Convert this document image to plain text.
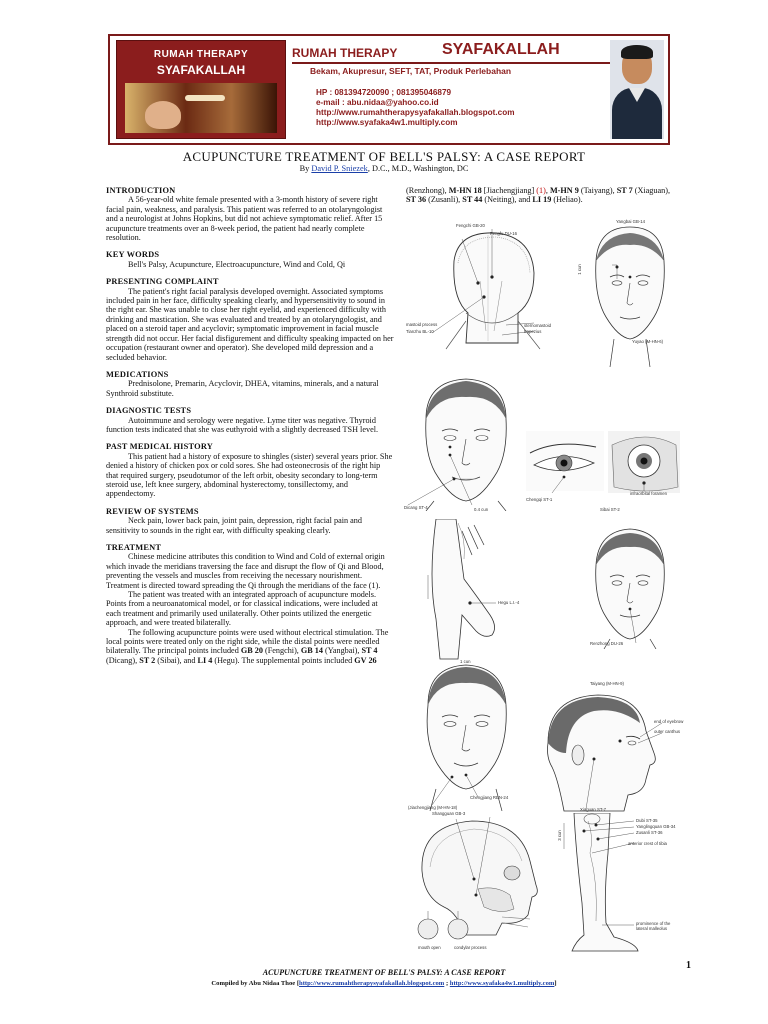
RUMAH THERAPY
SYAFAKALLAH
RUMAH THERAPY	SYAFAKALLAH
Bekam, Akupresur, SEFT, TAT, Produk Perlebahan
HP : 081394720090 ; 081395046879
e-mail : abu.nidaa@yahoo.co.id
http://www.rumahtherapysyafakallah.blogspot.com
http://www.syafaka4w1.multiply.com
ACUPUNCTURE TREATMENT OF BELL'S PALSY: A CASE REPORT
By David P. Sniezek, D.C., M.D., Washington, DC
INTRODUCTION

A 56-year-old white female presented with a 3-month history of severe right facial pain, weakness, and paralysis. This patient was referred to an otolaryngologist and a neurologist at Johns Hopkins, but did not achieve symptomatic relief. After 15 acupuncture treatments over an 8-week period, the patient had nearly complete resolution.

KEY WORDS

Bell's Palsy, Acupuncture, Electroacupuncture, Wind and Cold, Qi

PRESENTING COMPLAINT

The patient's right facial paralysis developed overnight. Associated symptoms included pain in her face, difficulty speaking clearly, and hypersensitivity to sound in the right ear. She was unable to close her right eyelid, and experienced difficulty with drinking and mastication. She was evaluated and treated by an otolaryngologist, and placed on a steroid taper and acyclovir; symptomatic improvement in facial muscle strength did not occur. Her facial disfigurement and difficulty speaking impacted on her occupation (restaurant owner and operator). She developed mild depression and a secluded behavior.

MEDICATIONS

Prednisolone, Premarin, Acyclovir, DHEA, vitamins, minerals, and a natural Synthroid substitute.

DIAGNOSTIC TESTS

Autoimmune and serology were negative. Lyme titer was negative. Thyroid function tests indicated that she was euthyroid with a slightly decreased TSH level.

PAST MEDICAL HISTORY

This patient had a history of exposure to shingles (sister) several years prior. She denied a history of chicken pox or cold sores. She had osteonecrosis of the right hip that required surgery, pseudotumor of the left orbit, obesity secondary to long-term steroid use, left knee surgery, abdominal hysterectomy, tonsillectomy, and appendectomy.

REVIEW OF SYSTEMS

Neck pain, lower back pain, joint pain, depression, right facial pain and sensitivity to sounds in the right ear, with difficulty speaking clearly.

TREATMENT

Chinese medicine attributes this condition to Wind and Cold of external origin which invade the meridians traversing the face and disrupt the flow of Qi and Blood, preventing the vessels and muscles from receiving the necessary nourishment. Treatment is directed toward spreading the Qi through the meridians of the face (1).

The patient was treated with an integrated approach of acupuncture models. Points from a neuroanatomical model, or for classical indications, were included at each treatment and primarily used unilaterally. Other points utilized the energetic approach, and were treated bilaterally.

The following acupuncture points were used without electrical stimulation. The local points were treated only on the right side, while the distal points were needled bilaterally. The principal points included GB 20 (Fengchi), GB 14 (Yangbai), ST 4 (Dicang), ST 2 (Sibai), and LI 4 (Hegu). The supplemental points included GV 26

(Renzhong), M-HN 18 [Jiachengjiang] (1), M-HN 9 (Taiyang), ST 7 (Xiaguan), ST 36 (Zusanli), ST 44 (Neiting), and LI 19 (Heliao).

Fengchi GB-20
Fengfu DU-16
mastoid process
Tianzhu BL-10
sternomastoid
trapezius
Yangbai GB-14
1 cun
Yuyao (M-HN-6)
0.4 cun
Dicang ST-4
Chengqi ST-1
infraorbital foramen
Sibai ST-2
Hegu L.I.-4
Renzhong DU-26
1 cun
Chengjiang REN-24
(Jiachengjiang (M-HN-18)
Taiyang (M-HN-9)
end of eyebrow
outer canthus
Xiaguan ST-7
Shangguan GB-3
mouth open	condylar process
3 cun
Dubi ST-35
Yanglingquan GB-34
Zusanli ST-36
anterior crest of tibia
prominence of the lateral malleolus
1
ACUPUNCTURE TREATMENT OF BELL'S PALSY: A CASE REPORT
Compiled by Abu Nidaa Thoe [http://www.rumahtherapysyafakallah.blogspot.com ; http://www.syafaka4w1.multiply.com]
